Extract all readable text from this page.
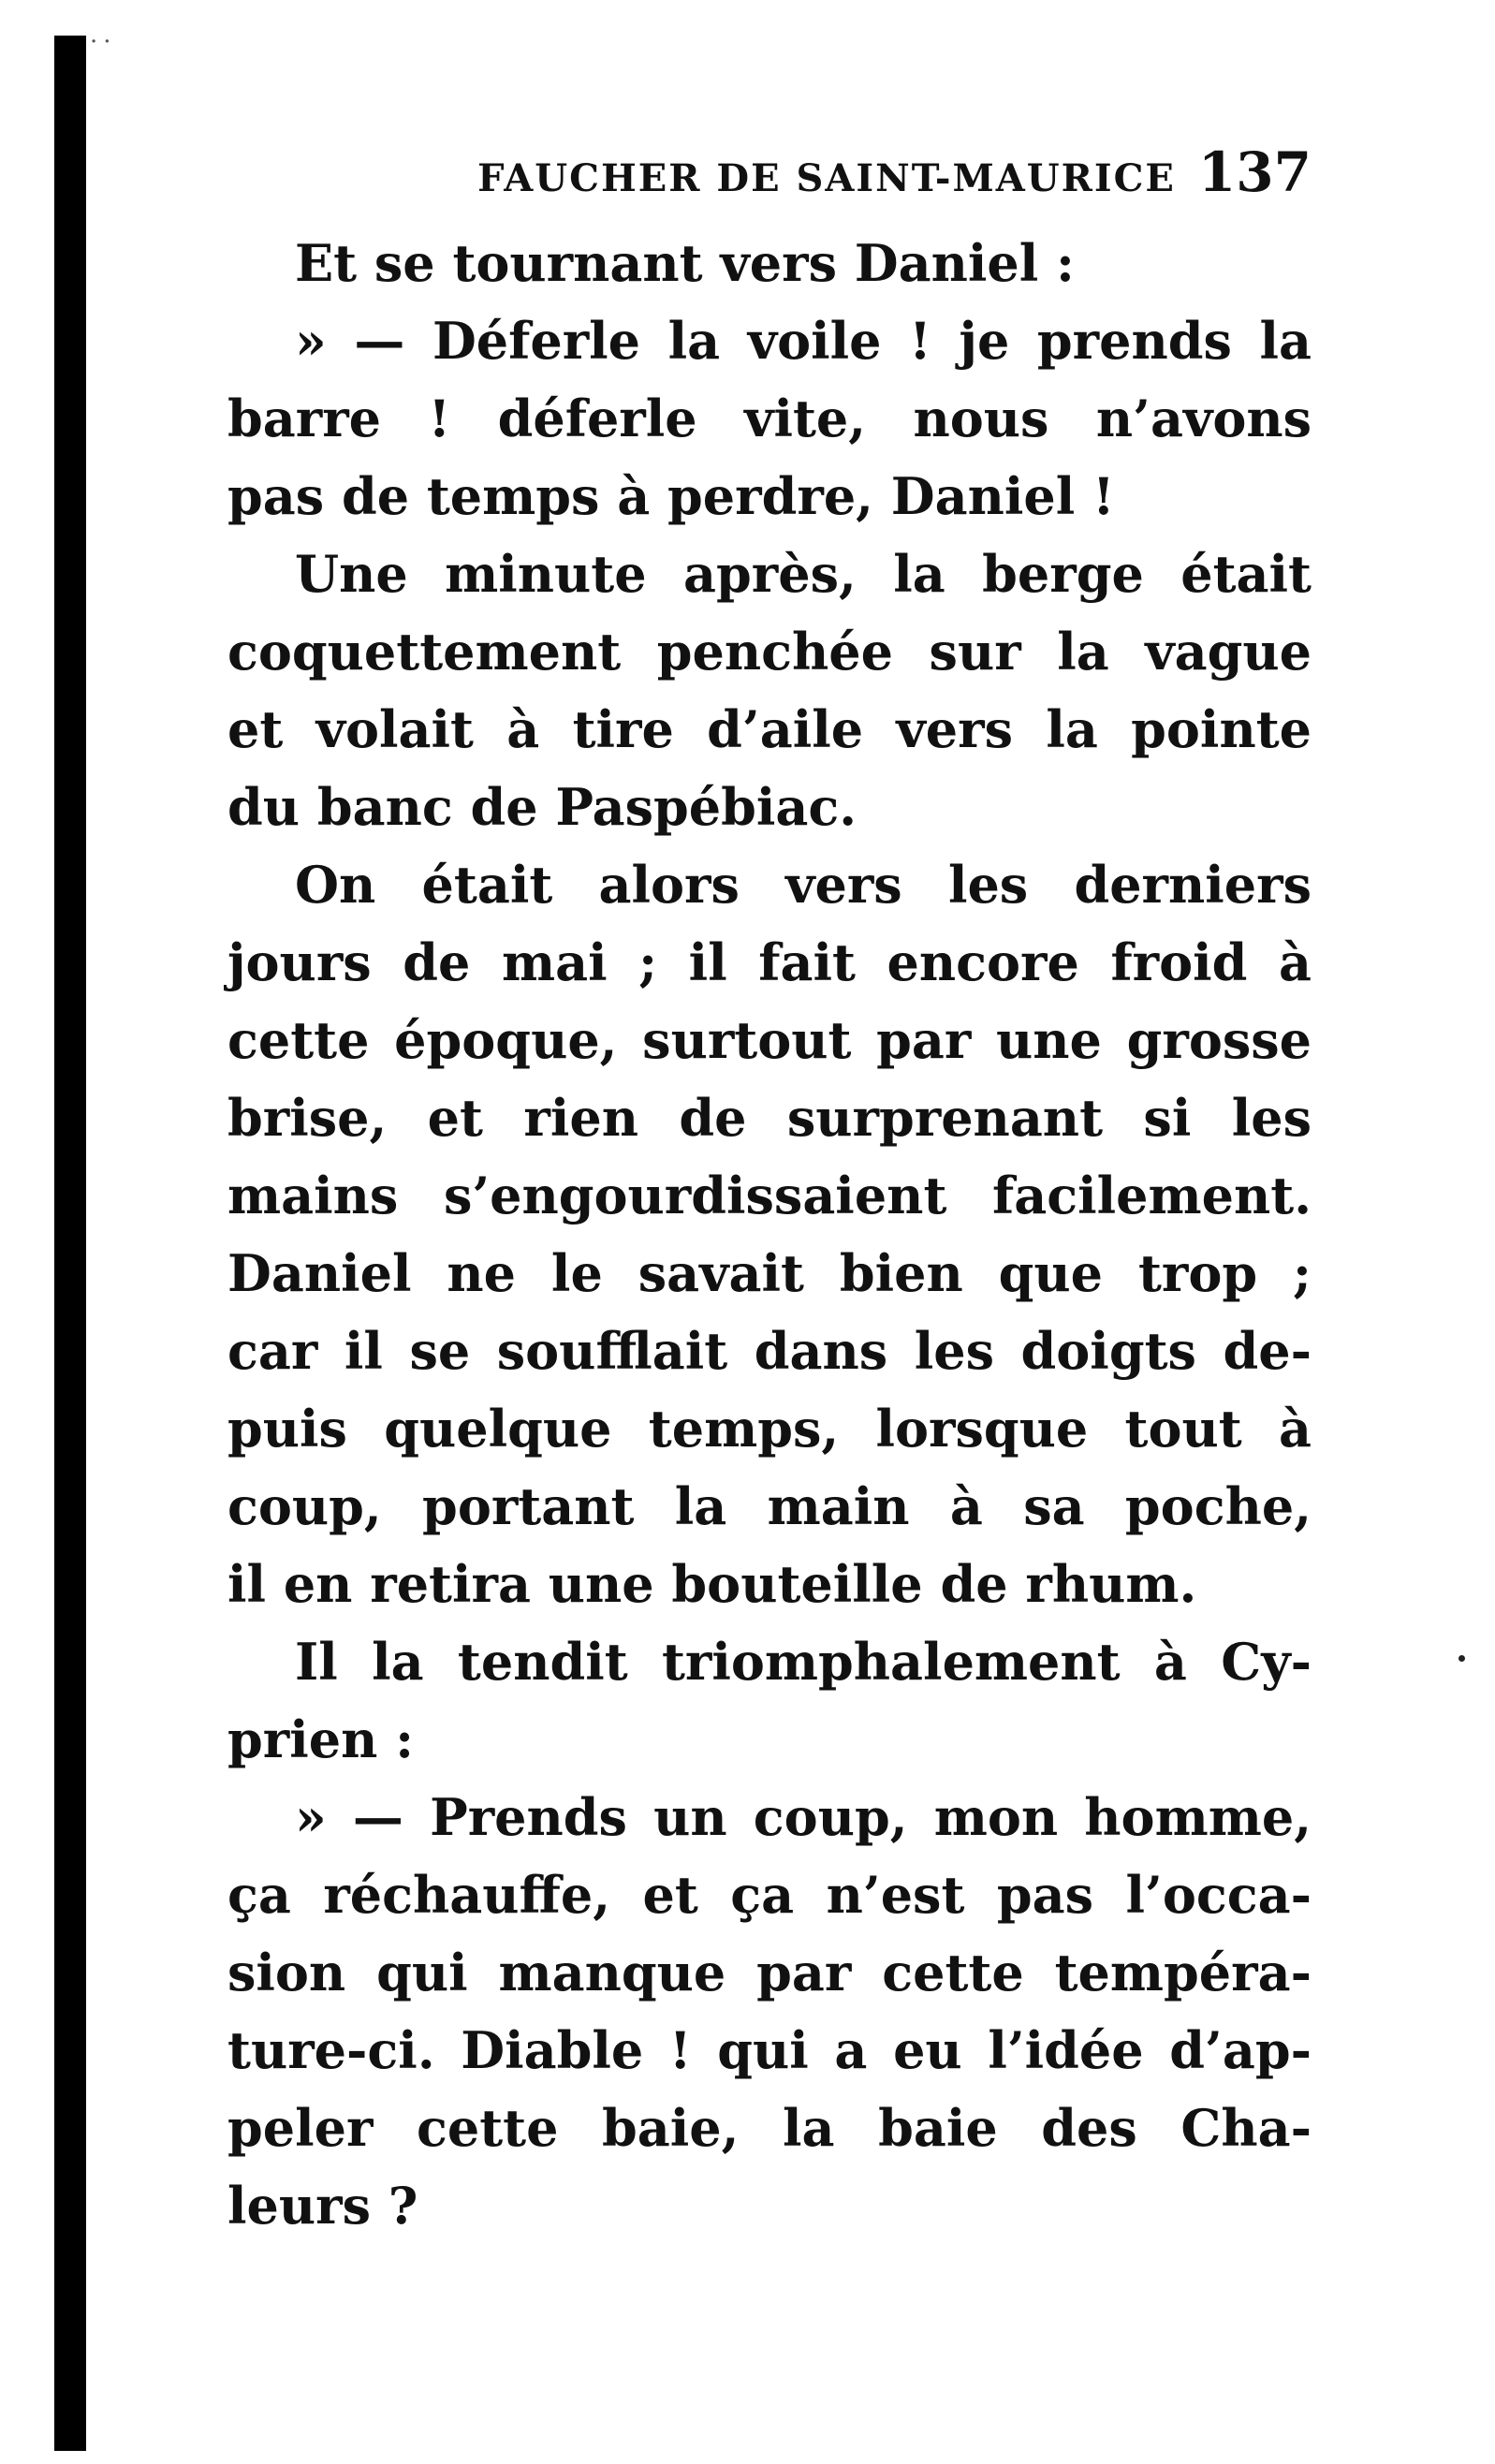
··
FAUCHER DE SAINT-MAURICE 137
Et se tournant vers Daniel :
» — Déferle la voile ! je prends la
barre ! déferle vite, nous n’avons
pas de temps à perdre, Daniel !
Une minute après, la berge était
coquettement penchée sur la vague
et volait à tire d’aile vers la pointe
du banc de Paspébiac.
On était alors vers les derniers
jours de mai ; il fait encore froid à
cette époque, surtout par une grosse
brise, et rien de surprenant si les
mains s’engourdissaient facilement.
Daniel ne le savait bien que trop ;
car il se soufflait dans les doigts de-
puis quelque temps, lorsque tout à
coup, portant la main à sa poche,
il en retira une bouteille de rhum.
Il la tendit triomphalement à Cy-
prien :
» — Prends un coup, mon homme,
ça réchauffe, et ça n’est pas l’occa-
sion qui manque par cette tempéra-
ture-ci. Diable ! qui a eu l’idée d’ap-
peler cette baie, la baie des Cha-
leurs ?
